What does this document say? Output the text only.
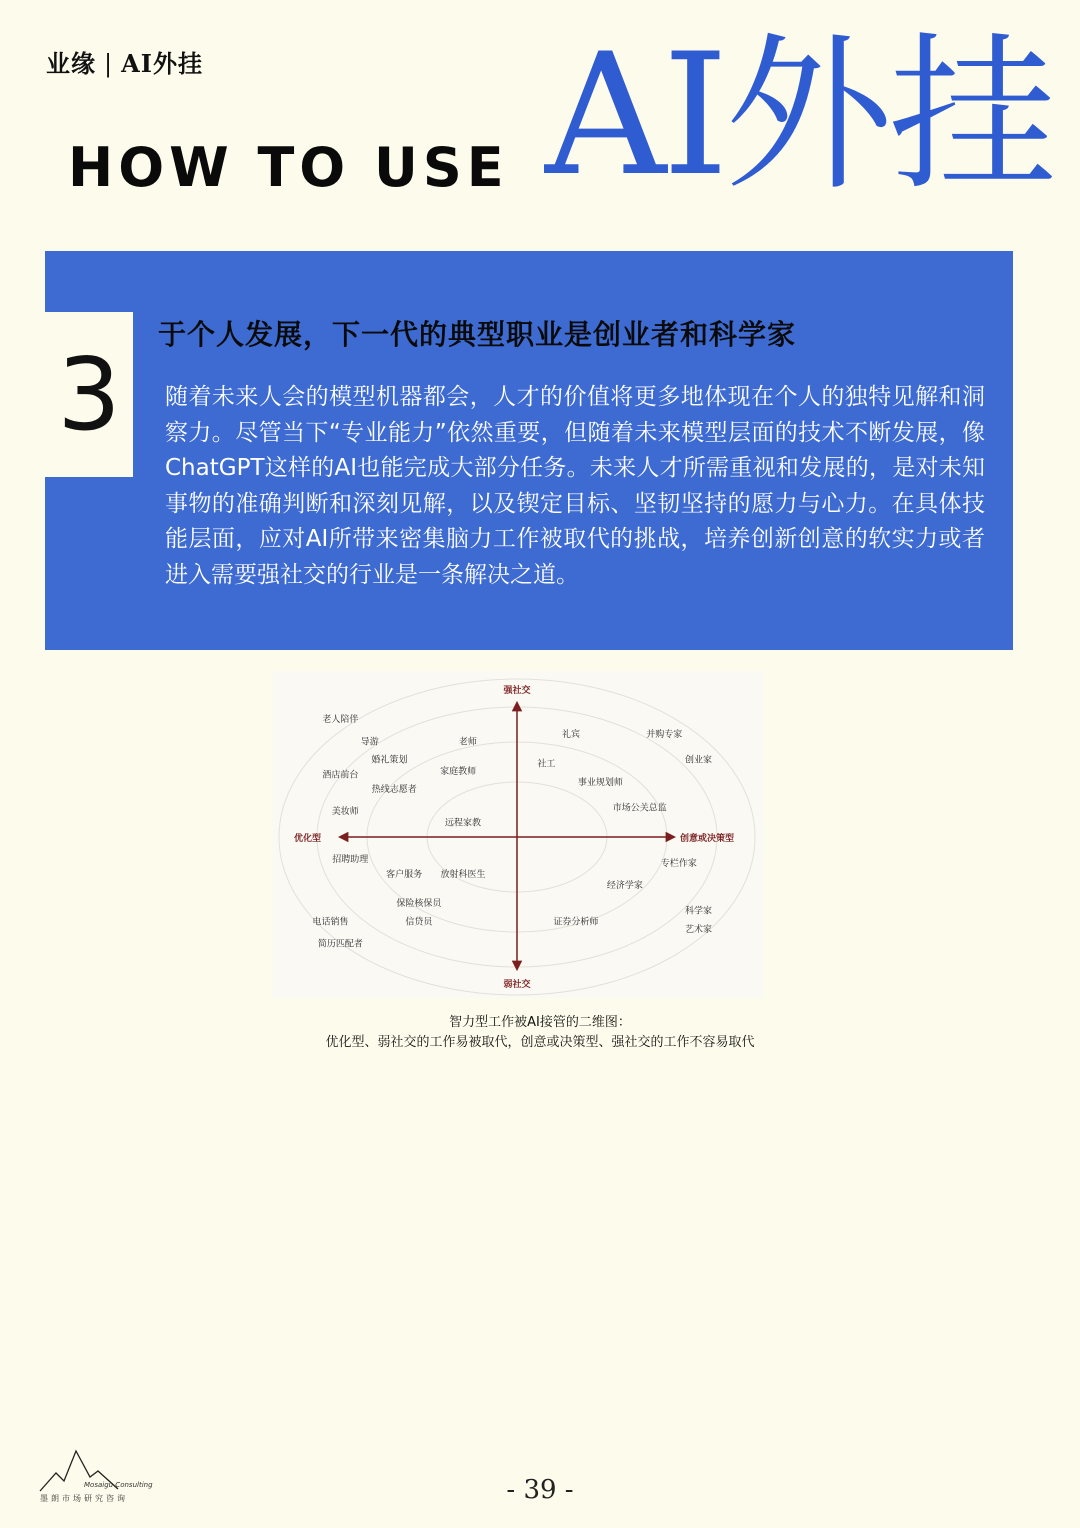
业缘 | AI外挂
HOW TO USE AI外挂
3
于个人发展，下一代的典型职业是创业者和科学家
随着未来人会的模型机器都会，人才的价值将更多地体现在个人的独特见解和洞察力。尽管当下“专业能力”依然重要，但随着未来模型层面的技术不断发展，像ChatGPT这样的AI也能完成大部分任务。未来人才所需重视和发展的，是对未知事物的准确判断和深刻见解，以及锲定目标、坚韧坚持的愿力与心力。在具体技能层面，应对AI所带来密集脑力工作被取代的挑战，培养创新创意的软实力或者进入需要强社交的行业是一条解决之道。
强社交
弱社交
优化型	创意或决策型
老人陪伴
导游	老师
婚礼策划
家庭教师
酒店前台
热线志愿者
美妆师
远程家教
招聘助理
客户服务 放射科医生
保险核保员
电话销售	信贷员
简历匹配者
礼宾	并购专家
社工	创业家
事业规划师
市场公关总监
专栏作家
经济学家
科学家
证券分析师
艺术家
智力型工作被AI接管的二维图：
优化型、弱社交的工作易被取代，创意或决策型、强社交的工作不容易取代
Mosaigu Consulting
墨朗市场研究咨询	- 39 -
